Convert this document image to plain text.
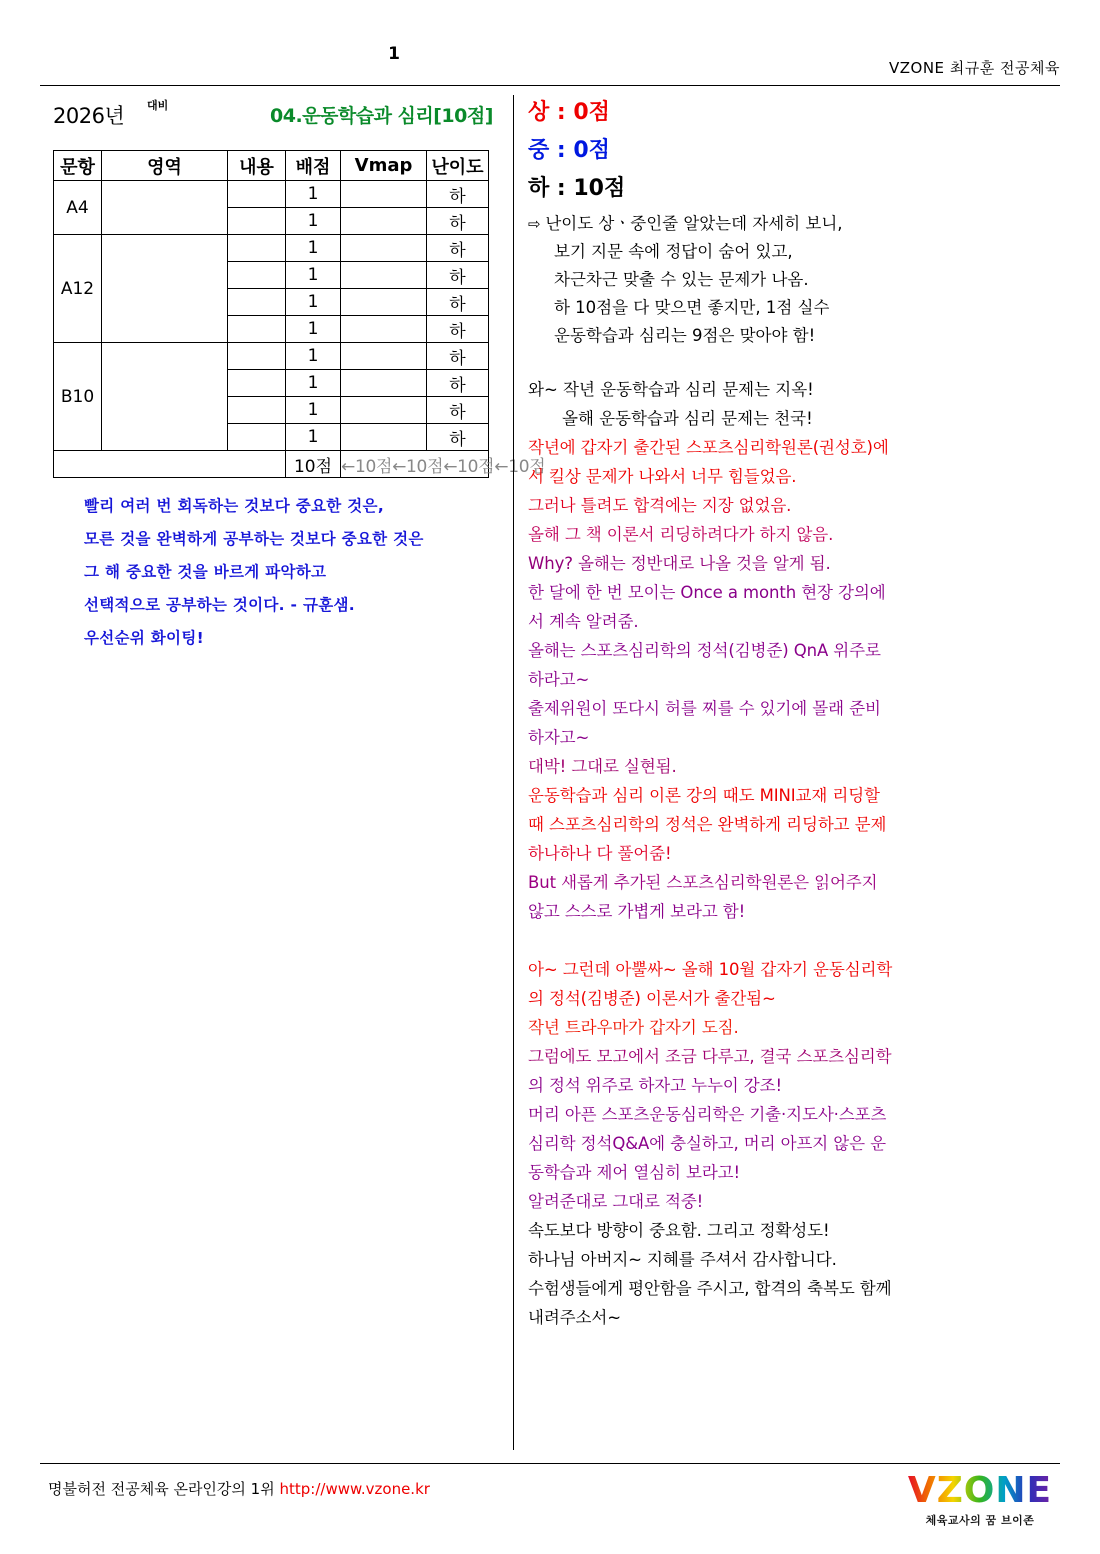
1
VZONE 최규훈 전공체육
2026년 대비	04.운동학습과 심리[10점]
문항	영역	내용	배점	Vmap	난이도
A4			1		하
			1		하
A12			1		하
			1		하
			1		하
			1		하
B10			1		하
			1		하
			1		하
			1		하
			10점	←10점←10점←10점←10점	
빨리 여러 번 회독하는 것보다 중요한 것은,
모른 것을 완벽하게 공부하는 것보다 중요한 것은
그 해 중요한 것을 바르게 파악하고
선택적으로 공부하는 것이다. - 규훈샘.
우선순위 화이팅!
상 : 0점
중 : 0점
하 : 10점
⇨ 난이도 상ㆍ중인줄 알았는데 자세히 보니,
보기 지문 속에 정답이 숨어 있고,
차근차근 맞출 수 있는 문제가 나옴.
하 10점을 다 맞으면 좋지만, 1점 실수
운동학습과 심리는 9점은 맞아야 함!
와~ 작년 운동학습과 심리 문제는 지옥!
올해 운동학습과 심리 문제는 천국!
작년에 갑자기 출간된 스포츠심리학원론(권성호)에
서 킬상 문제가 나와서 너무 힘들었음.
그러나 틀려도 합격에는 지장 없었음.
올해 그 책 이론서 리딩하려다가 하지 않음.
Why? 올해는 정반대로 나올 것을 알게 됨.
한 달에 한 번 모이는 Once a month 현장 강의에
서 계속 알려줌.
올해는 스포츠심리학의 정석(김병준) QnA 위주로
하라고~
출제위원이 또다시 허를 찌를 수 있기에 몰래 준비
하자고~
대박! 그대로 실현됨.
운동학습과 심리 이론 강의 때도 MINI교재 리딩할
때 스포츠심리학의 정석은 완벽하게 리딩하고 문제
하나하나 다 풀어줌!
But 새롭게 추가된 스포츠심리학원론은 읽어주지
않고 스스로 가볍게 보라고 함!
아~ 그런데 아뿔싸~ 올해 10월 갑자기 운동심리학
의 정석(김병준) 이론서가 출간됨~
작년 트라우마가 갑자기 도짐.
그럼에도 모고에서 조금 다루고, 결국 스포츠심리학
의 정석 위주로 하자고 누누이 강조!
머리 아픈 스포츠운동심리학은 기출·지도사·스포츠
심리학 정석Q&A에 충실하고, 머리 아프지 않은 운
동학습과 제어 열심히 보라고!
알려준대로 그대로 적중!
속도보다 방향이 중요함. 그리고 정확성도!
하나님 아버지~ 지혜를 주셔서 감사합니다.
수험생들에게 평안함을 주시고, 합격의 축복도 함께
내려주소서~
명불허전 전공체육 온라인강의 1위 http://www.vzone.kr	VZONE
체육교사의 꿈 브이존
